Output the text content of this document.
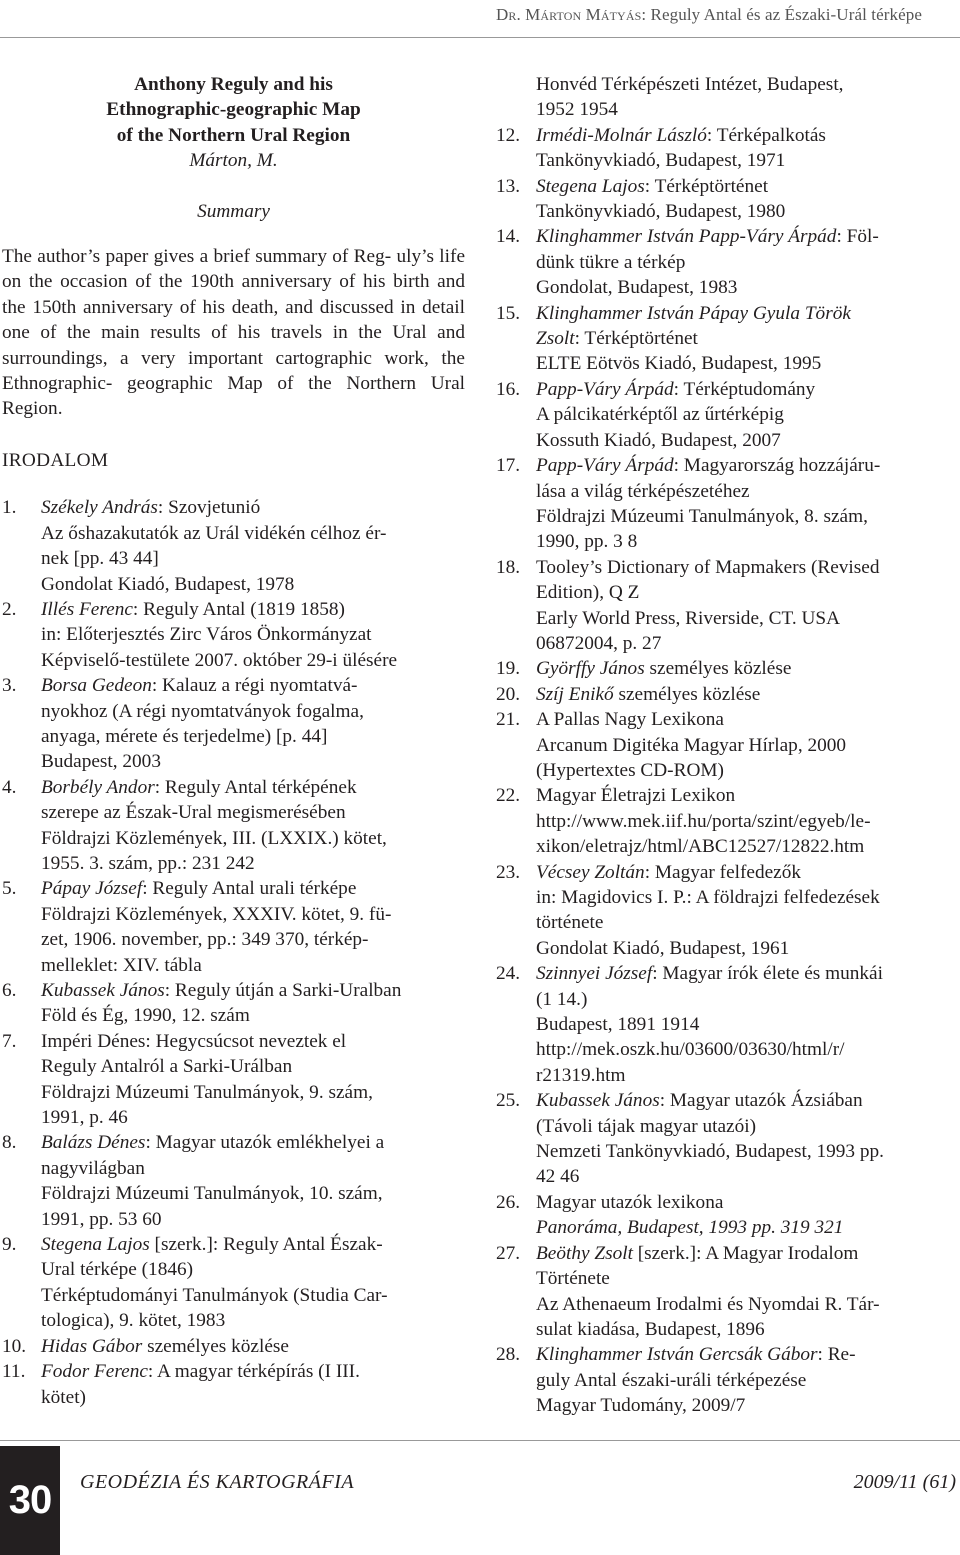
Dr. Márton Mátyás: Reguly Antal és az Északi-Urál térképe

Anthony Reguly and his

Ethnographic-geographic Map

of the Northern Ural Region

Márton, M.

Summary

The author’s paper gives a brief summary of Reg- uly’s life on the occasion of the 190th anniversary of his birth and the 150th anniversary of his death, and discussed in detail one of the main results of his travels in the Ural and surroundings, a very important cartographic work, the Ethnographic- geographic Map of the Northern Ural Region.

IRODALOM

1.	Székely András: Szovjetunió
Az őshazakutatók az Urál vidékén célhoz ér-
nek [pp. 43 44]
Gondolat Kiadó, Budapest, 1978
2.	Illés Ferenc: Reguly Antal (1819 1858)
in: Előterjesztés Zirc Város Önkormányzat
Képviselő-testülete 2007. október 29-i ülésére
3.	Borsa Gedeon: Kalauz a régi nyomtatvá-
nyokhoz (A régi nyomtatványok fogalma,
anyaga, mérete és terjedelme) [p. 44]
Budapest, 2003
4.	Borbély Andor: Reguly Antal térképének
szerepe az Észak-Ural megismerésében
Földrajzi Közlemények, III. (LXXIX.) kötet,
1955. 3. szám, pp.: 231 242
5.	Pápay József: Reguly Antal urali térképe
Földrajzi Közlemények, XXXIV. kötet, 9. fü-
zet, 1906. november, pp.: 349 370, térkép-
melleklet: XIV. tábla
6.	Kubassek János: Reguly útján a Sarki-Uralban
Föld és Ég, 1990, 12. szám
7.	Impéri Dénes: Hegycsúcsot neveztek el
Reguly Antalról a Sarki-Urálban
Földrajzi Múzeumi Tanulmányok, 9. szám,
1991, p. 46
8.	Balázs Dénes: Magyar utazók emlékhelyei a
nagyvilágban
Földrajzi Múzeumi Tanulmányok, 10. szám,
1991, pp. 53 60
9.	Stegena Lajos [szerk.]: Reguly Antal Észak-
Ural térképe (1846)
Térképtudományi Tanulmányok (Studia Car-
tologica), 9. kötet, 1983
10. Hidas Gábor személyes közlése
11. Fodor Ferenc: A magyar térképírás (I III.
kötet)
Honvéd Térképészeti Intézet, Budapest,
1952 1954
12. Irmédi-Molnár László: Térképalkotás
Tankönyvkiadó, Budapest, 1971
13. Stegena Lajos: Térképtörténet
Tankönyvkiadó, Budapest, 1980
14. Klinghammer István Papp-Váry Árpád: Föl-
dünk tükre a térkép
Gondolat, Budapest, 1983
15. Klinghammer István Pápay Gyula Török
Zsolt: Térképtörténet
ELTE Eötvös Kiadó, Budapest, 1995
16. Papp-Váry Árpád: Térképtudomány
A pálcikatérképtől az űrtérképig
Kossuth Kiadó, Budapest, 2007
17. Papp-Váry Árpád: Magyarország hozzájáru-
lása a világ térképészetéhez
Földrajzi Múzeumi Tanulmányok, 8. szám,
1990, pp. 3 8
18. Tooley’s Dictionary of Mapmakers (Revised
Edition), Q Z
Early World Press, Riverside, CT. USA
06872004, p. 27
19. Györffy János személyes közlése
20. Szíj Enikő személyes közlése
21. A Pallas Nagy Lexikona
Arcanum Digitéka Magyar Hírlap, 2000
(Hypertextes CD-ROM)
22. Magyar Életrajzi Lexikon
http://www.mek.iif.hu/porta/szint/egyeb/le-
xikon/eletrajz/html/ABC12527/12822.htm
23. Vécsey Zoltán: Magyar felfedezők
in: Magidovics I. P.: A földrajzi felfedezések
története
Gondolat Kiadó, Budapest, 1961
24. Szinnyei József: Magyar írók élete és munkái
(1 14.)
Budapest, 1891 1914
http://mek.oszk.hu/03600/03630/html/r/
r21319.htm
25. Kubassek János: Magyar utazók Ázsiában
(Távoli tájak magyar utazói)
Nemzeti Tankönyvkiadó, Budapest, 1993 pp.
42 46
26. Magyar utazók lexikona
Panoráma, Budapest, 1993 pp. 319 321
27. Beöthy Zsolt [szerk.]: A Magyar Irodalom
Története
Az Athenaeum Irodalmi és Nyomdai R. Tár-
sulat kiadása, Budapest, 1896
28. Klinghammer István Gercsák Gábor: Re-
guly Antal északi-uráli térképezése
Magyar Tudomány, 2009/7
30	GEODÉZIA ÉS KARTOGRÁFIA	2009/11 (61)
